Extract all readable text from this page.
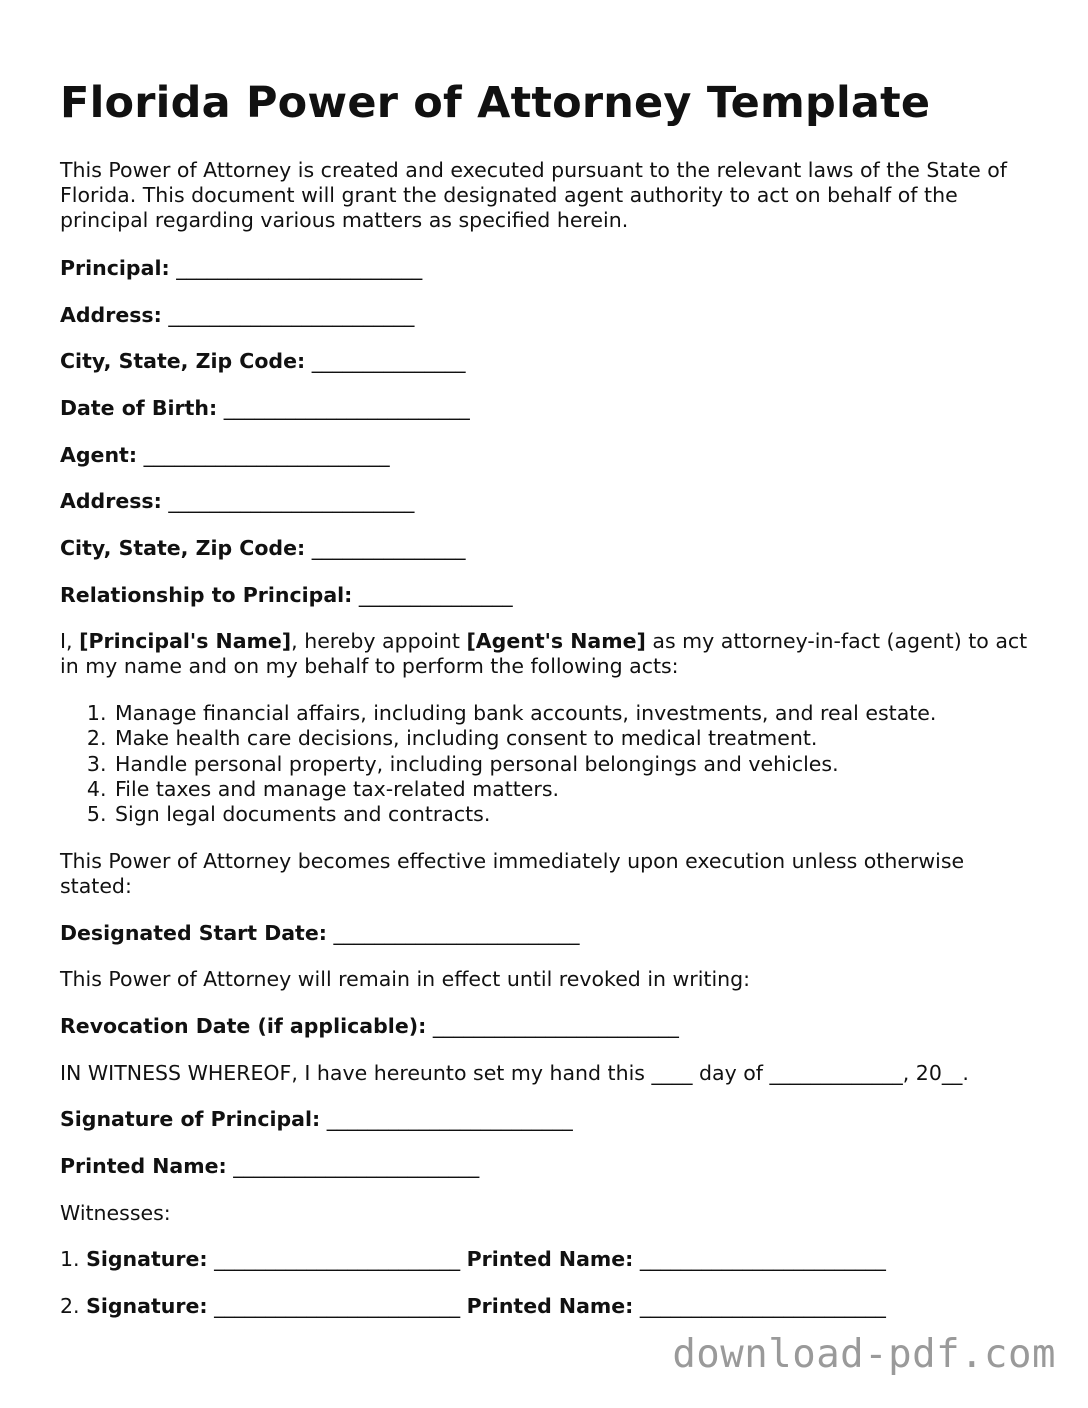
Florida Power of Attorney Template
This Power of Attorney is created and executed pursuant to the relevant laws of the State of Florida. This document will grant the designated agent authority to act on behalf of the principal regarding various matters as specified herein.
Principal: ________________________
Address: ________________________
City, State, Zip Code: _______________
Date of Birth: ________________________
Agent: ________________________
Address: ________________________
City, State, Zip Code: _______________
Relationship to Principal: _______________
I, [Principal's Name], hereby appoint [Agent's Name] as my attorney-in-fact (agent) to act in my name and on my behalf to perform the following acts:
1. Manage financial affairs, including bank accounts, investments, and real estate.
2. Make health care decisions, including consent to medical treatment.
3. Handle personal property, including personal belongings and vehicles.
4. File taxes and manage tax-related matters.
5. Sign legal documents and contracts.
This Power of Attorney becomes effective immediately upon execution unless otherwise stated:
Designated Start Date: ________________________
This Power of Attorney will remain in effect until revoked in writing:
Revocation Date (if applicable): ________________________
IN WITNESS WHEREOF, I have hereunto set my hand this ____ day of _____________, 20__.
Signature of Principal: ________________________
Printed Name: ________________________
Witnesses:
1. Signature: ________________________ Printed Name: ________________________
2. Signature: ________________________ Printed Name: ________________________
download-pdf.com
